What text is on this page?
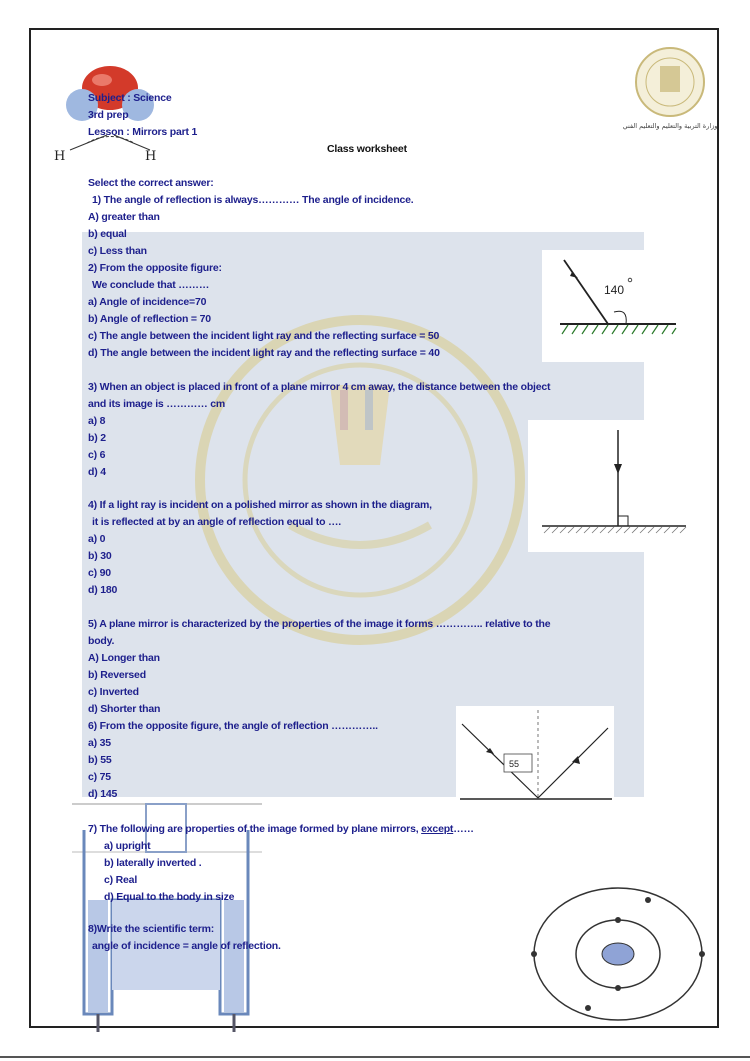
H	H
وزارة التربية والتعليم والتعليم الفني
Subject : Science
3rd prep
Lesson : Mirrors part 1
Class worksheet
Select the correct answer:
1) The angle of reflection is always………… The angle of incidence.
A) greater than
b) equal
c) Less than
2) From the opposite figure:
We conclude that ………
a) Angle of incidence=70
b) Angle of reflection = 70
c) The angle between the incident light ray and the reflecting surface = 50
d) The angle between the incident light ray and the reflecting surface = 40
140
3) When an object is placed in front of a plane mirror 4 cm away, the distance between the object
and its image is ………… cm
a) 8
b) 2
c) 6
d) 4
4) If a light ray is incident on a polished mirror as shown in the diagram,
it is reflected at by an angle of reflection equal to ….
a) 0
b) 30
c) 90
d) 180
5) A plane mirror is characterized by the properties of the image it forms ………….. relative to the
body.
A) Longer than
b) Reversed
c) Inverted
d) Shorter than
6) From the opposite figure, the angle of reflection …………..
a) 35
b) 55
c) 75
d) 145
55
7) The following are properties of the image formed by plane mirrors, except……
a) upright
b) laterally inverted .
c) Real
d) Equal to the body in size
8)Write the scientific term:
angle of incidence = angle of reflection.
